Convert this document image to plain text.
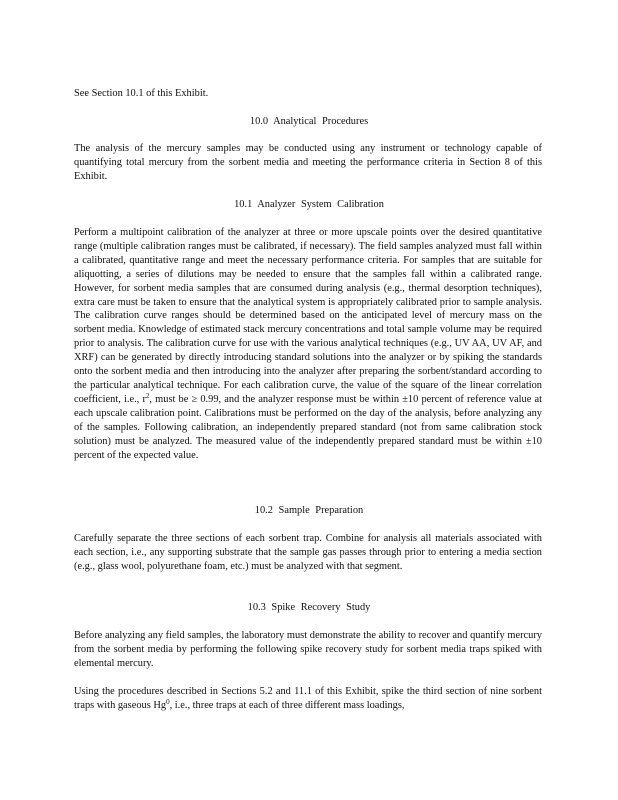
See Section 10.1 of this Exhibit.

10.0 Analytical Procedures

The analysis of the mercury samples may be conducted using any instrument or technology capable of quantifying total mercury from the sorbent media and meeting the performance criteria in Section 8 of this Exhibit.

10.1 Analyzer System Calibration

Perform a multipoint calibration of the analyzer at three or more upscale points over the desired quantitative range (multiple calibration ranges must be calibrated, if necessary). The field samples analyzed must fall within a calibrated, quantitative range and meet the necessary performance criteria. For samples that are suitable for aliquotting, a series of dilutions may be needed to ensure that the samples fall within a calibrated range. However, for sorbent media samples that are consumed during analysis (e.g., thermal desorption techniques), extra care must be taken to ensure that the analytical system is appropriately calibrated prior to sample analysis. The calibration curve ranges should be determined based on the anticipated level of mercury mass on the sorbent media. Knowledge of estimated stack mercury concentrations and total sample volume may be required prior to analysis. The calibration curve for use with the various analytical techniques (e.g., UV AA, UV AF, and XRF) can be generated by directly introducing standard solutions into the analyzer or by spiking the standards onto the sorbent media and then introducing into the analyzer after preparing the sorbent/standard according to the particular analytical technique. For each calibration curve, the value of the square of the linear correlation coefficient, i.e., $r^2$, must be ≥ 0.99, and the analyzer response must be within ±10 percent of reference value at each upscale calibration point. Calibrations must be performed on the day of the analysis, before analyzing any of the samples. Following calibration, an independently prepared standard (not from same calibration stock solution) must be analyzed. The measured value of the independently prepared standard must be within ±10 percent of the expected value.

10.2 Sample Preparation

Carefully separate the three sections of each sorbent trap. Combine for analysis all materials associated with each section, i.e., any supporting substrate that the sample gas passes through prior to entering a media section (e.g., glass wool, polyurethane foam, etc.) must be analyzed with that segment.

10.3 Spike Recovery Study

Before analyzing any field samples, the laboratory must demonstrate the ability to recover and quantify mercury from the sorbent media by performing the following spike recovery study for sorbent media traps spiked with elemental mercury.

Using the procedures described in Sections 5.2 and 11.1 of this Exhibit, spike the third section of nine sorbent traps with gaseous Hg$^0$, i.e., three traps at each of three different mass loadings,
